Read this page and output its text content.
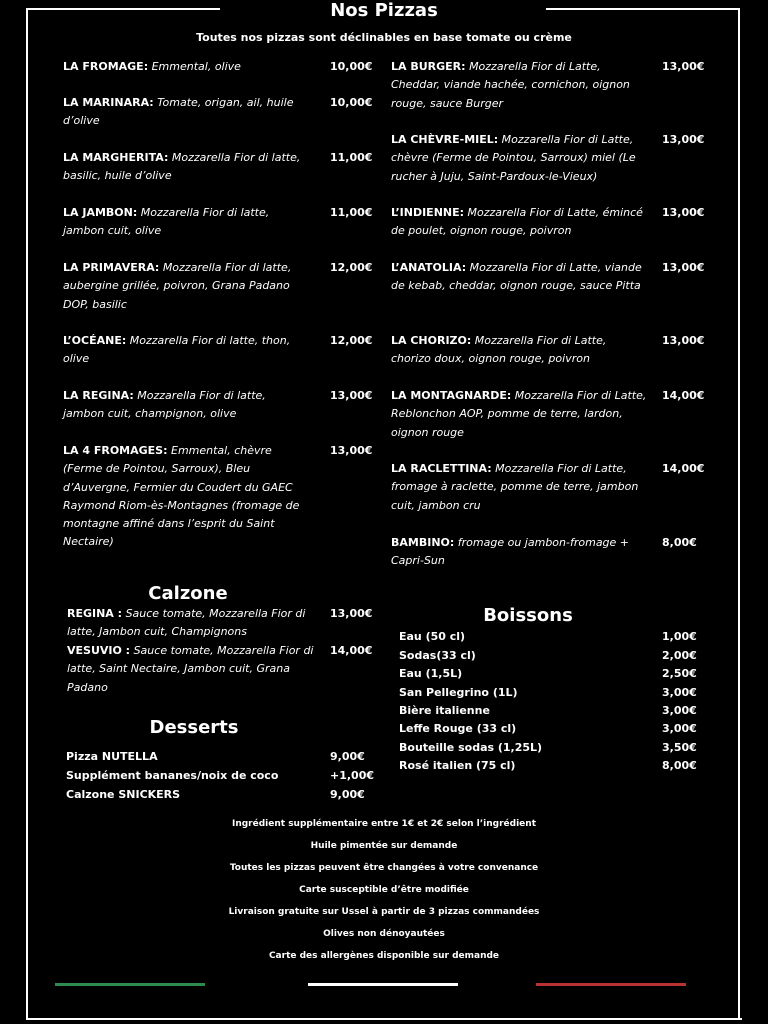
Nos Pizzas
Toutes nos pizzas sont déclinables en base tomate ou crème
LA FROMAGE: Emmental, olive	10,00€
LA MARINARA: Tomate, origan, ail, huile d’olive
10,00€
LA MARGHERITA: Mozzarella Fior di latte, basilic, huile d’olive
11,00€
LA JAMBON: Mozzarella Fior di latte, jambon cuit, olive
11,00€
LA PRIMAVERA: Mozzarella Fior di latte, aubergine grillée, poivron, Grana Padano DOP, basilic
12,00€
L’OCÉANE: Mozzarella Fior di latte, thon, olive
12,00€
LA REGINA: Mozzarella Fior di latte, jambon cuit, champignon, olive
13,00€
LA 4 FROMAGES: Emmental, chèvre (Ferme de Pointou, Sarroux), Bleu d’Auvergne, Fermier du Coudert du GAEC Raymond Riom-ès-Montagnes (fromage de montagne affiné dans l’esprit du Saint Nectaire)
13,00€
LA BURGER: Mozzarella Fior di Latte, Cheddar, viande hachée, cornichon, oignon rouge, sauce Burger
13,00€
LA CHÈVRE-MIEL: Mozzarella Fior di Latte, chèvre (Ferme de Pointou, Sarroux) miel (Le rucher à Juju, Saint-Pardoux-le-Vieux)
13,00€
L’INDIENNE: Mozzarella Fior di Latte, émincé de poulet, oignon rouge, poivron
13,00€
L’ANATOLIA: Mozzarella Fior di Latte, viande de kebab, cheddar, oignon rouge, sauce Pitta
13,00€
LA CHORIZO: Mozzarella Fior di Latte, chorizo doux, oignon rouge, poivron
13,00€
LA MONTAGNARDE: Mozzarella Fior di Latte, Reblonchon AOP, pomme de terre, lardon, oignon rouge
14,00€
LA RACLETTINA: Mozzarella Fior di Latte, fromage à raclette, pomme de terre, jambon cuit, jambon cru
14,00€
BAMBINO: fromage ou jambon-fromage + Capri-Sun
8,00€
Calzone
REGINA : Sauce tomate, Mozzarella Fior di latte, Jambon cuit, Champignons
13,00€
VESUVIO : Sauce tomate, Mozzarella Fior di latte, Saint Nectaire, Jambon cuit, Grana Padano
14,00€
Desserts
Pizza NUTELLA	9,00€
Supplément bananes/noix de coco	+1,00€
Calzone SNICKERS	9,00€
Boissons
Eau (50 cl)	1,00€
Sodas(33 cl)	2,00€
Eau (1,5L)	2,50€
San Pellegrino (1L)	3,00€
Bière italienne	3,00€
Leffe Rouge (33 cl)	3,00€
Bouteille sodas (1,25L)	3,50€
Rosé italien (75 cl)	8,00€
Ingrédient supplémentaire entre 1€ et 2€ selon l’ingrédient
Huile pimentée sur demande
Toutes les pizzas peuvent être changées à votre convenance
Carte susceptible d’être modifiée
Livraison gratuite sur Ussel à partir de 3 pizzas commandées
Olives non dénoyautées
Carte des allergènes disponible sur demande
